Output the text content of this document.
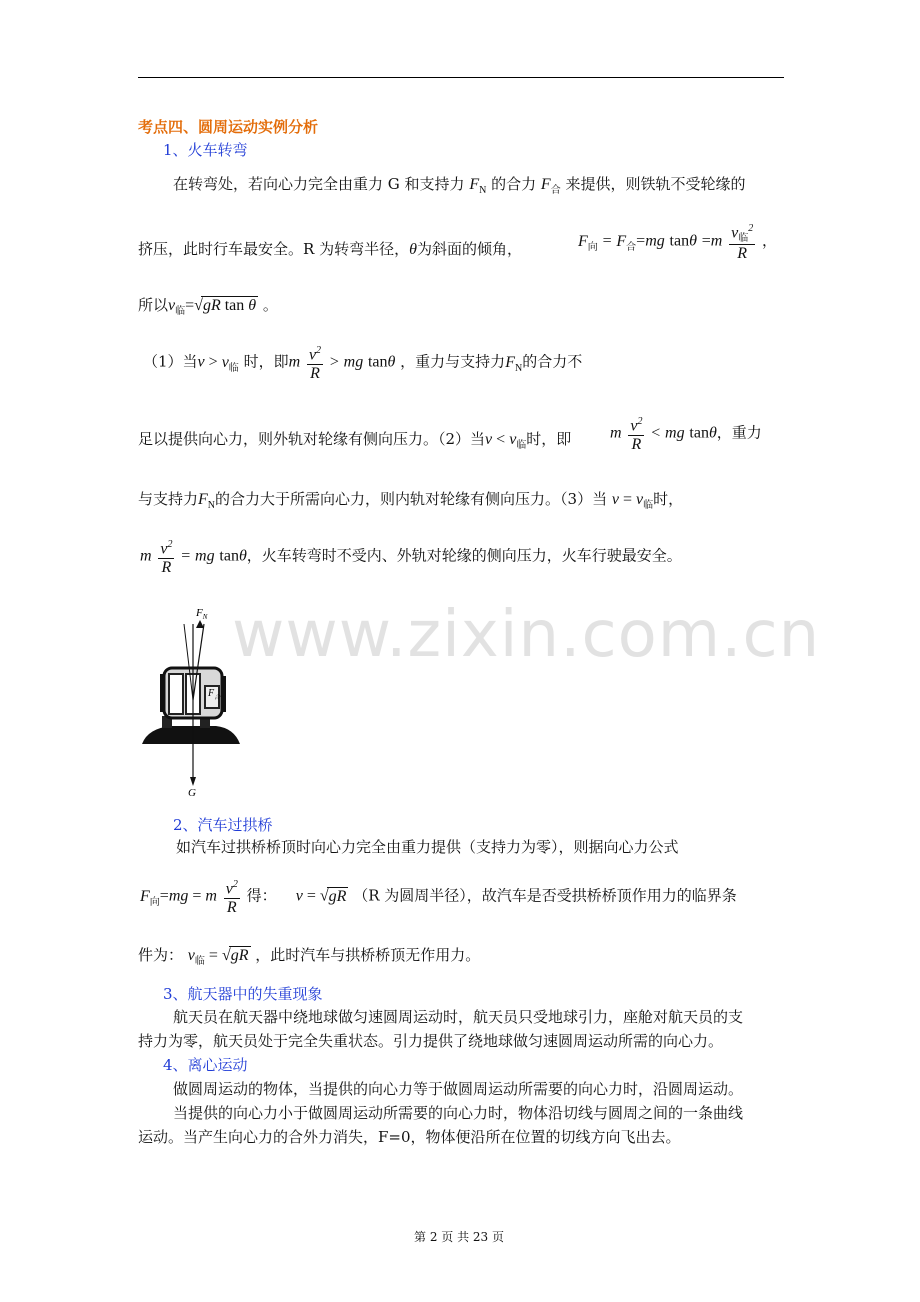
考点四、圆周运动实例分析
1、火车转弯
在转弯处，若向心力完全由重力 G 和支持力 $F_N$ 的合力 $F_合$ 来提供，则铁轨不受轮缘的
挤压，此时行车最安全。R 为转弯半径，θ为斜面的倾角，	$F_向 = F_合=mg$ $\tan\theta =m \frac{v_临^2}{R}$ ，
所以$v_临=√gR$ tan θ 。
（1）当$v > v_临$ 时，即m $\frac{v^2}{R}$ > mg tanθ ，重力与支持力$F_N$的合力不
足以提供向心力，则外轨对轮缘有侧向压力。（2）当$v < v_临$时，即 m $\frac{v^2}{R}$ < mg tanθ，重力
与支持力$F_N$的合力大于所需向心力，则内轨对轮缘有侧向压力。（3）当 $v = v_临$时，
m $\frac{v^2}{R}$ = mg tanθ，火车转弯时不受内、外轨对轮缘的侧向压力，火车行驶最安全。
$F_N$
$F_合$
G
www.zixin.com.cn
2、汽车过拱桥
如汽车过拱桥桥顶时向心力完全由重力提供（支持力为零），则据向心力公式
$F_向=mg = m \frac{v^2}{R}$ 得： v = √gR （R 为圆周半径），故汽车是否受拱桥桥顶作用力的临界条
件为： $v_临 = √gR$ ，此时汽车与拱桥桥顶无作用力。
3、航天器中的失重现象
航天员在航天器中绕地球做匀速圆周运动时，航天员只受地球引力，座舱对航天员的支
持力为零，航天员处于完全失重状态。引力提供了绕地球做匀速圆周运动所需的向心力。
4、离心运动
做圆周运动的物体，当提供的向心力等于做圆周运动所需要的向心力时，沿圆周运动。
当提供的向心力小于做圆周运动所需要的向心力时，物体沿切线与圆周之间的一条曲线
运动。当产生向心力的合外力消失，F=0，物体便沿所在位置的切线方向飞出去。
第 2 页 共 23 页
